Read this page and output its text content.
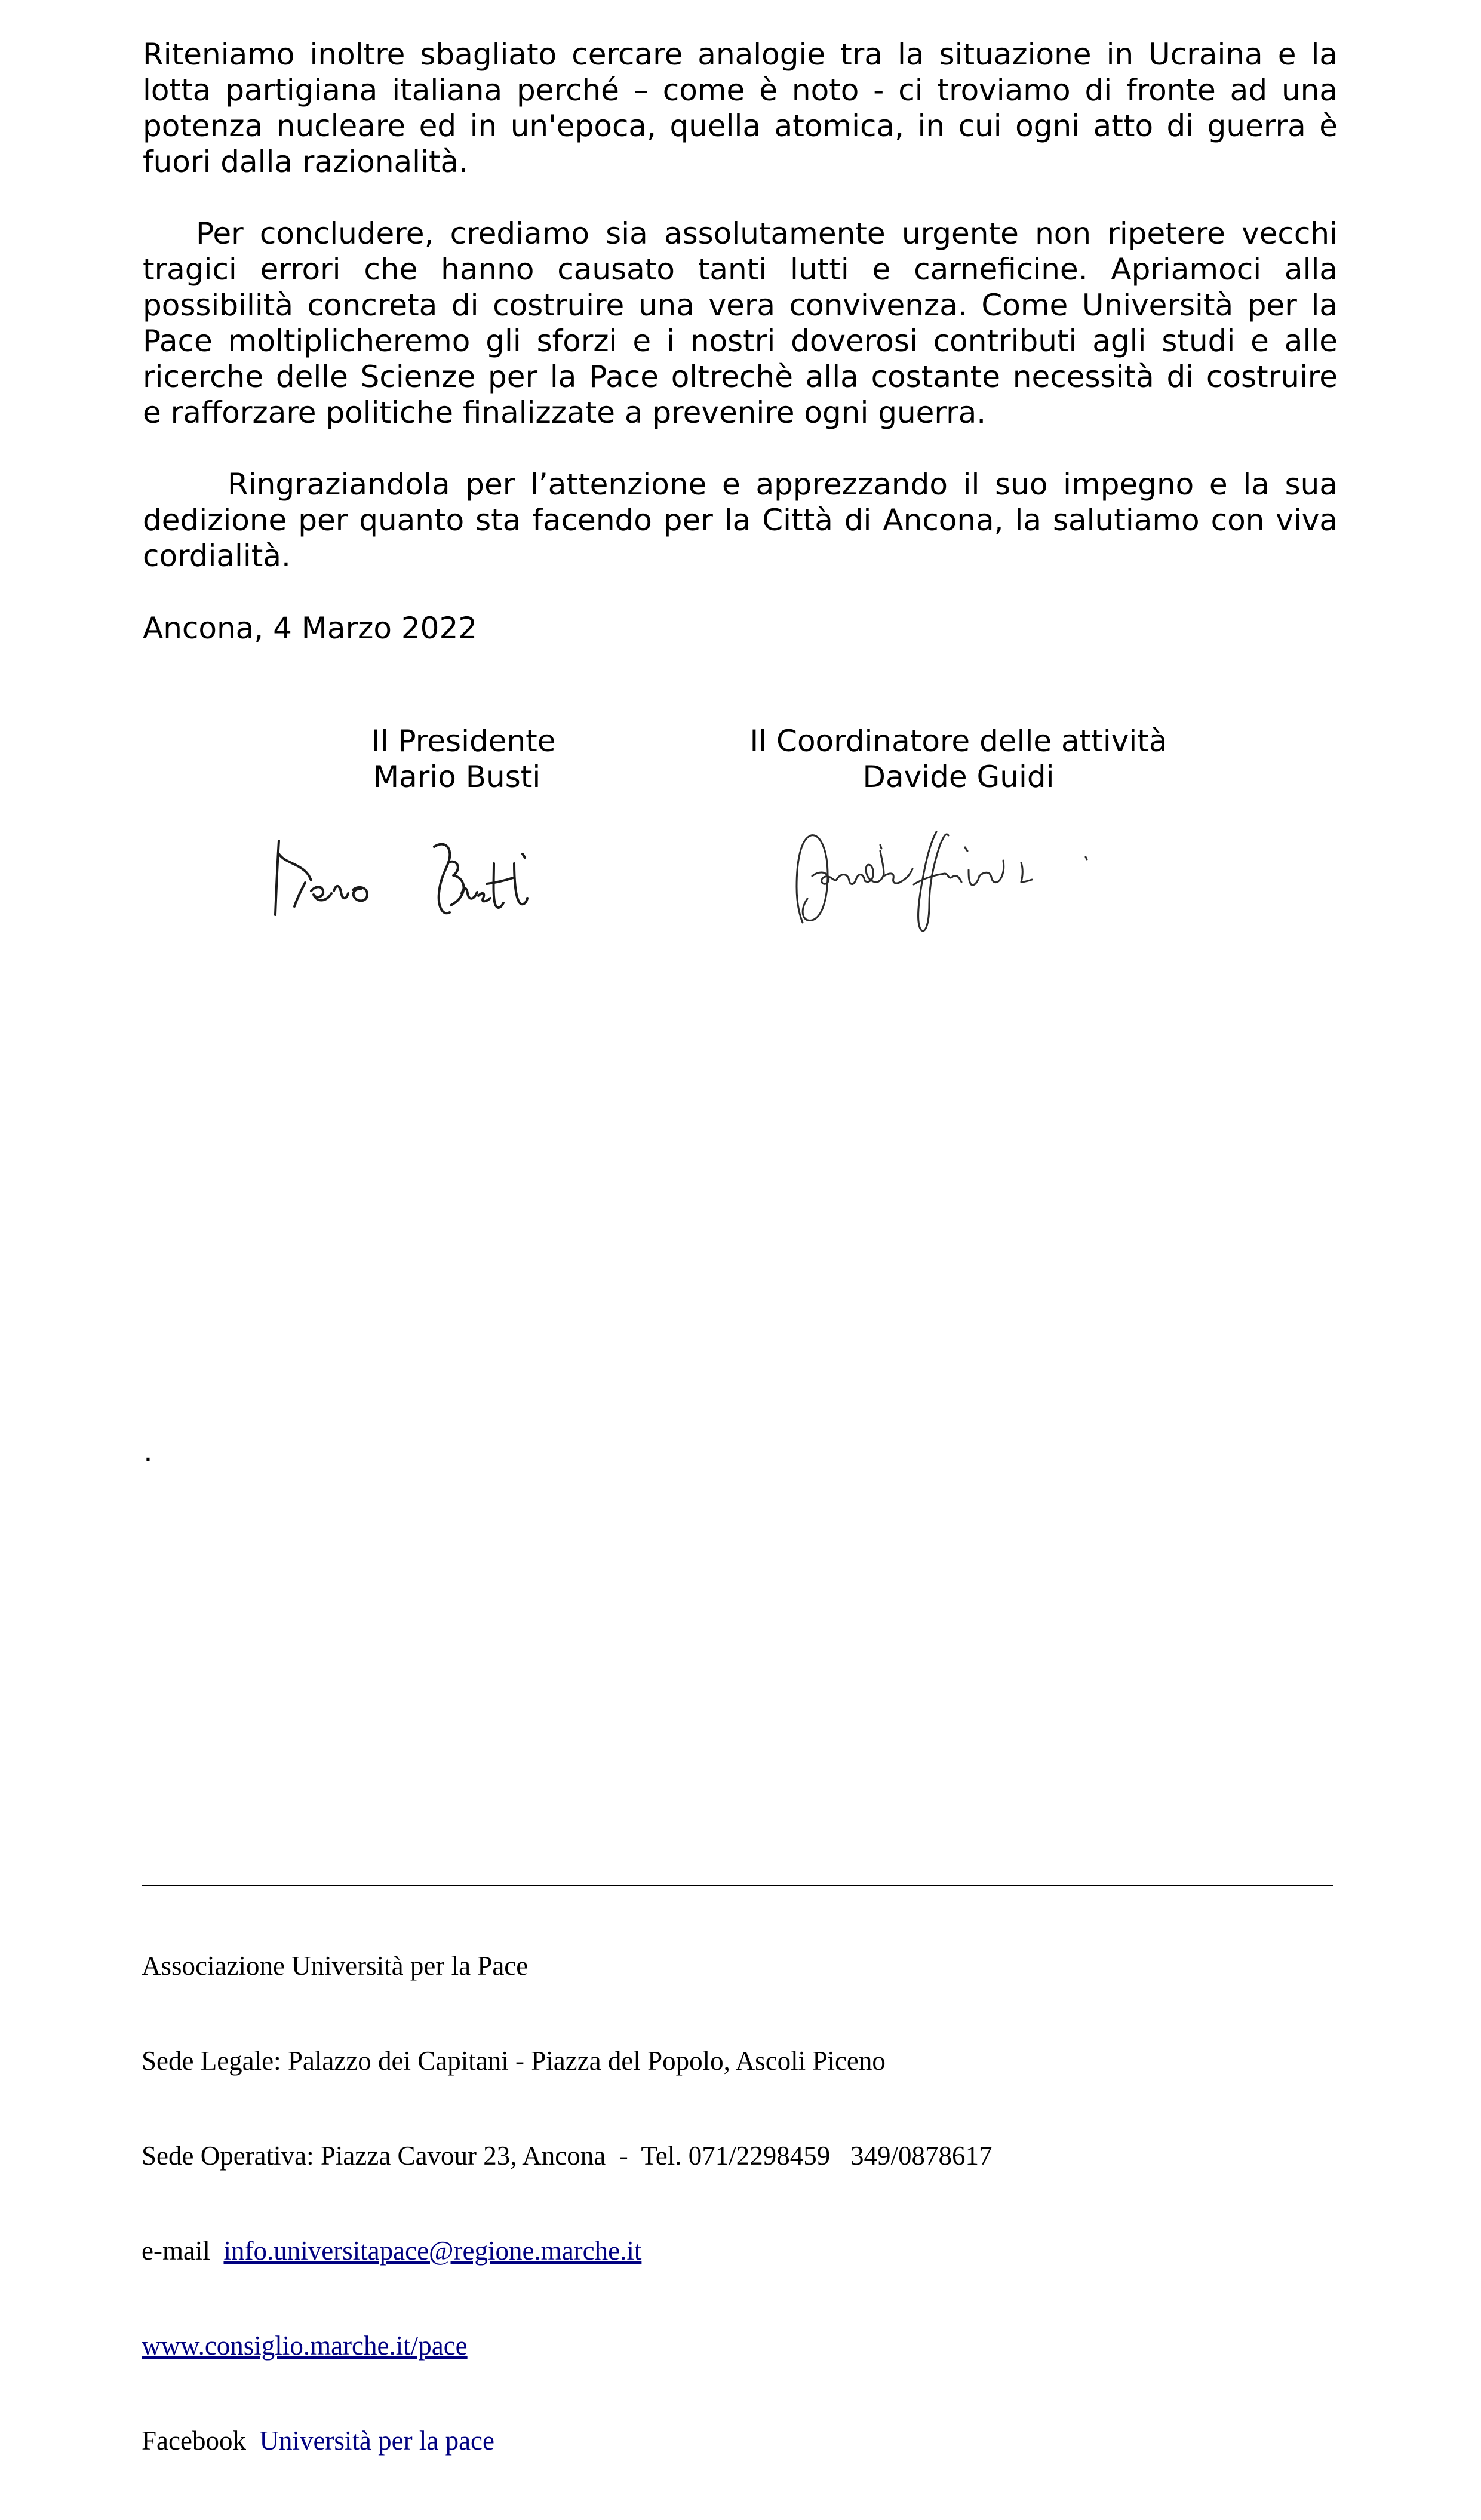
Riteniamo inoltre sbagliato cercare analogie tra la situazione in Ucraina e la
lotta partigiana italiana perché – come è noto - ci troviamo di fronte ad una
potenza nucleare ed in un'epoca, quella atomica, in cui ogni atto di guerra è
fuori dalla razionalità.
Per concludere, crediamo sia assolutamente urgente non ripetere vecchi
tragici errori che hanno causato tanti lutti e carneficine. Apriamoci alla
possibilità concreta di costruire una vera convivenza. Come Università per la
Pace moltiplicheremo gli sforzi e i nostri doverosi contributi agli studi e alle
ricerche delle Scienze per la Pace oltrechè alla costante necessità di costruire
e rafforzare politiche finalizzate a prevenire ogni guerra.
Ringraziandola per l’attenzione e apprezzando il suo impegno e la sua
dedizione per quanto sta facendo per la Città di Ancona, la salutiamo con viva
cordialità.
Ancona, 4 Marzo 2022
Il Presidente
Mario Busti
Il Coordinatore delle attività
Davide Guidi
.

Associazione Università per la Pace

Sede Legale: Palazzo dei Capitani - Piazza del Popolo, Ascoli Piceno

Sede Operativa: Piazza Cavour 23, Ancona  -  Tel. 071/2298459   349/0878617

e-mail  info.universitapace@regione.marche.it

www.consiglio.marche.it/pace

Facebook  Università per la pace
